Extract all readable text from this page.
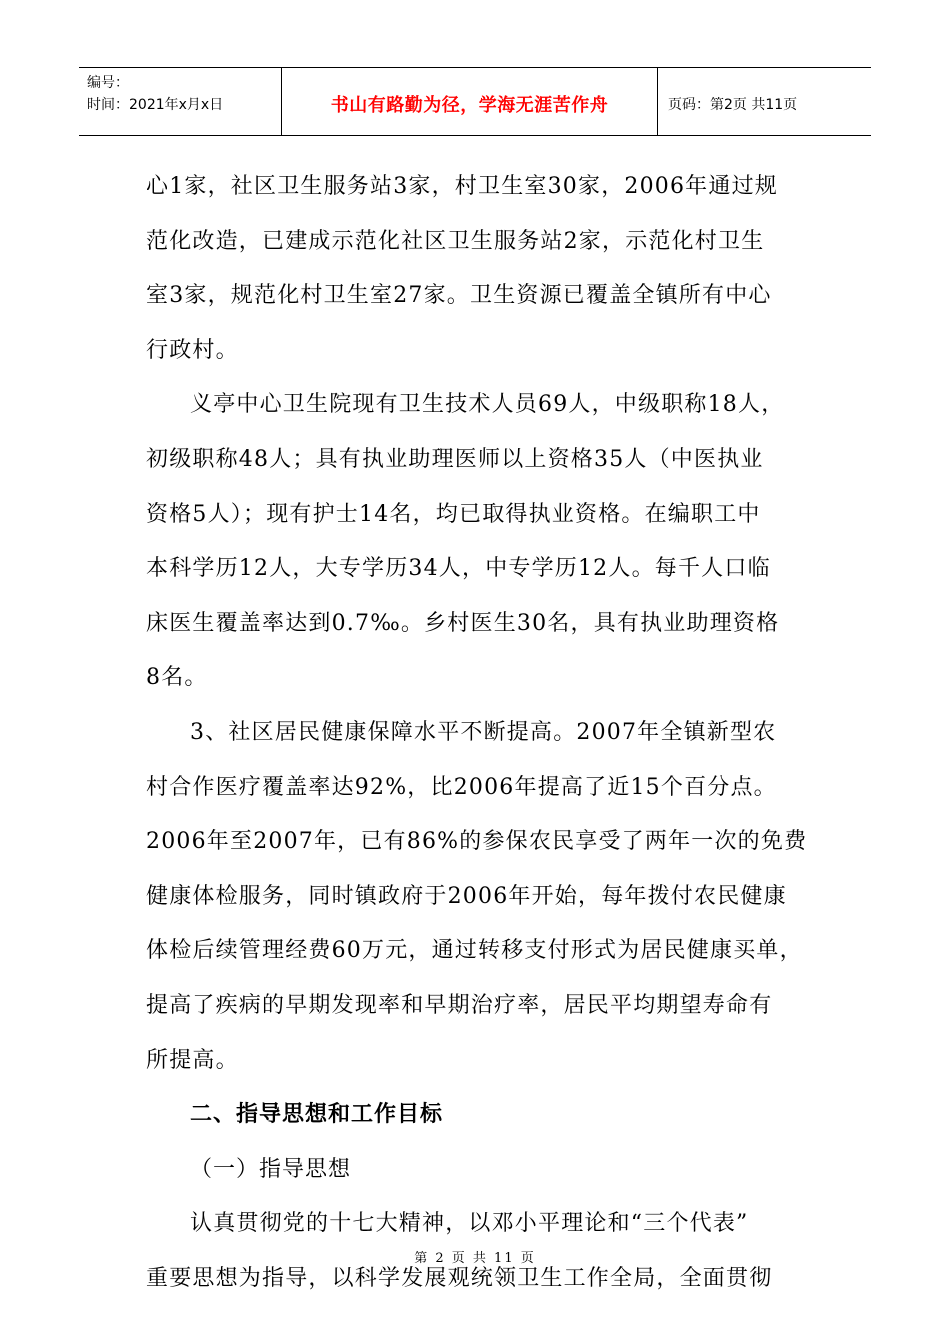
编号：
时间：2021年x月x日	书山有路勤为径，学海无涯苦作舟	页码：第2页 共11页
心1家，社区卫生服务站3家，村卫生室30家，2006年通过规
范化改造，已建成示范化社区卫生服务站2家，示范化村卫生
室3家，规范化村卫生室27家。卫生资源已覆盖全镇所有中心
行政村。
义亭中心卫生院现有卫生技术人员69人，中级职称18人，
初级职称48人；具有执业助理医师以上资格35人（中医执业
资格5人）；现有护士14名，均已取得执业资格。在编职工中
本科学历12人，大专学历34人，中专学历12人。每千人口临
床医生覆盖率达到0.7‰。乡村医生30名，具有执业助理资格
8名。
3、社区居民健康保障水平不断提高。2007年全镇新型农
村合作医疗覆盖率达92%，比2006年提高了近15个百分点。
2006年至2007年，已有86%的参保农民享受了两年一次的免费
健康体检服务，同时镇政府于2006年开始，每年拨付农民健康
体检后续管理经费60万元，通过转移支付形式为居民健康买单，
提高了疾病的早期发现率和早期治疗率，居民平均期望寿命有
所提高。
二、指导思想和工作目标
（一）指导思想
认真贯彻党的十七大精神，以邓小平理论和“三个代表”
重要思想为指导，以科学发展观统领卫生工作全局，全面贯彻
第 2 页 共 11 页
